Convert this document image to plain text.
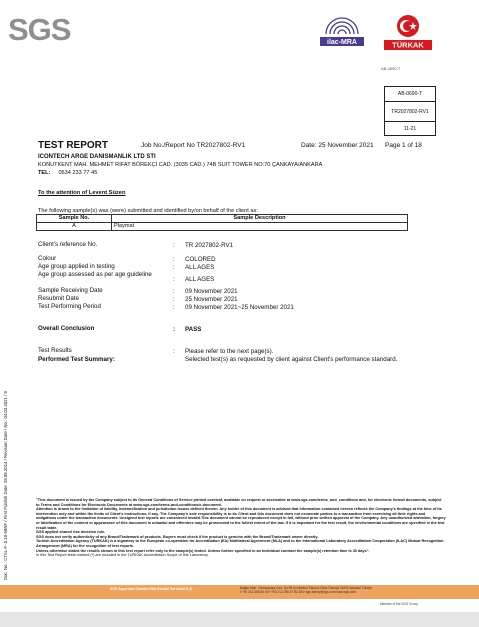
SGS	ilac-MRA	TÜRKAK
AB-0690-T
AB-0690-T
TR2027802-RV1
11-21
TEST REPORT	Job No./Report No TR2027802-RV1	Date: 25 November 2021 Page 1 of 18
ICONTECH ARGE DANISMANLIK LTD STI
KONUTKENT MAH. MEHMET RIFAT BÖREKÇİ CAD. (3035 CAD.) 74B SUIT TOWER NO:70 ÇANKAYA/ANKARA
TEL: 0534 233 77 45
To the attention of Levent Süzen
The following sample(s) was (were) submitted and identified by/on behalf of the client as:
Sample No.	Sample Description
A	Playmat
Client's reference No.	: TR 2027802-RV1
Colour	: COLORED
Age group applied in testing	: ALL AGES
Age group assessed as per age guideline
: ALL AGES
Sample Receiving Date	: 09 November 2021
Resubmit Date	: 25 November 2021
Test Performing Period	: 09 November 2021~25 November 2021
Overall Conclusion	: PASS
Test Results	: Please refer to the next page(s).
Performed Test Summary:	Selected test(s) as requested by client against Client's performance standard.

"This document is issued by the Company subject to its General Conditions of Service printed overleaf, available on request or accessible at www.sgs.com/terms_and_conditions and, for electronic format documents, subject to Terms and Conditions for Electronic Documents at www.sgs.com/terms-and-conditions/e-document.

Attention is drawn to the limitation of liability, indemnification and jurisdiction issues defined therein. Any holder of this document is advised that information contained hereon reflects the Company's findings at the time of its intervention only and within the limits of Client's instructions, if any. The Company's sole responsibility is to its Client and this document does not exonerate parties to a transaction from exercising all their rights and obligations under the transaction documents. Unsigned test reports are considered invalid.This document cannot be reproduced except in full, without prior written approval of the Company. Any unauthorized alteration, forgery or falsification of the content or appearance of this document is unlawful and offenders may be prosecuted to the fullest extent of the law. If it is important for the test result, the environmental conditions are specified in the test result table.

SGS applied shared risk decision rule.

SGS does not verify authenticity of any Brand/Trademark of products. Buyers must check if the product is genuine with the Brand/Trademark owner directly.

Turkish Accreditation Agency (TURKAK) is a signatory to the European co-operation for Accreditation (EA) Multilateral Agreement (MLA) and to the International Laboratory Accreditation Cooperation (ILAC) Mutual Recognition Arrangement (MRA) for the recognition of test reports.

Unless otherwise stated the results shown in this test report refer only to the sample(s) tested. Unless further specified in an individual contract the sample(s) retention time is 30 days".

In this Test Report tests marked (*) are included in the TURKAK Accreditation Scope of this Laboratory.

Doc. No.: CTSL-F-.5.10-98NF / First Publish Date: 28.08.2014 / Revision Date / No.: 04.03.2021 / 8
SGS Supervise Gözetim Etüt Kontrol Servisleri A.Ş.	Bağlar Mah. Osmanpaşa Cad. No:95 İş İstanbul Plaza A Girişi Güneşli 34209 İstanbul Türkiye
t +90 212 368 40 00 f +90 212 296 47 82-83 e sgs.turkey@sgs.com www.sgs.com
Member of the SGS Group
